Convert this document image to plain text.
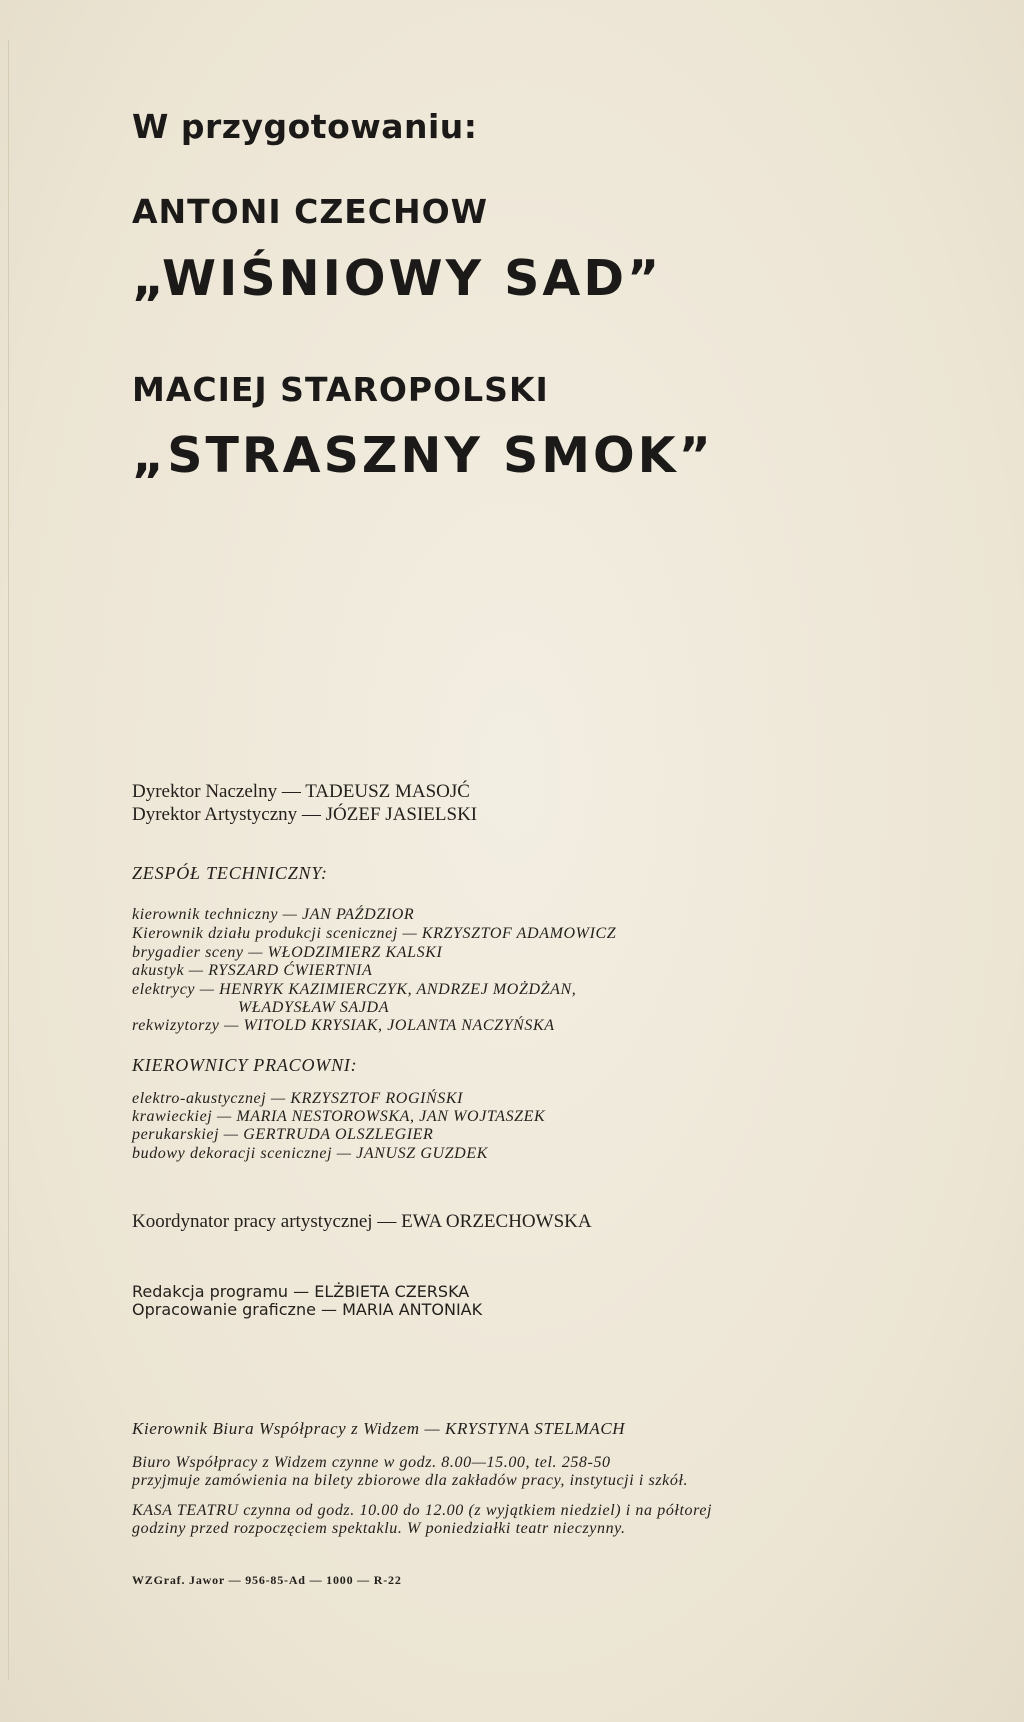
W przygotowaniu:

ANTONI CZECHOW

„WIŚNIOWY SAD”

MACIEJ STAROPOLSKI

„STRASZNY SMOK”

Dyrektor Naczelny — TADEUSZ MASOJĆ

Dyrektor Artystyczny — JÓZEF JASIELSKI

ZESPÓŁ TECHNICZNY:

kierownik techniczny — JAN PAŹDZIOR

Kierownik działu produkcji scenicznej — KRZYSZTOF ADAMOWICZ

brygadier sceny — WŁODZIMIERZ KALSKI

akustyk — RYSZARD ĆWIERTNIA

elektrycy — HENRYK KAZIMIERCZYK, ANDRZEJ MOŻDŻAN,

WŁADYSŁAW SAJDA

rekwizytorzy — WITOLD KRYSIAK, JOLANTA NACZYŃSKA

KIEROWNICY PRACOWNI:

elektro-akustycznej — KRZYSZTOF ROGIŃSKI

krawieckiej — MARIA NESTOROWSKA, JAN WOJTASZEK

perukarskiej — GERTRUDA OLSZLEGIER

budowy dekoracji scenicznej — JANUSZ GUZDEK

Koordynator pracy artystycznej — EWA ORZECHOWSKA

Redakcja programu — ELŻBIETA CZERSKA

Opracowanie graficzne — MARIA ANTONIAK

Kierownik Biura Współpracy z Widzem — KRYSTYNA STELMACH

Biuro Współpracy z Widzem czynne w godz. 8.00—15.00, tel. 258-50

przyjmuje zamówienia na bilety zbiorowe dla zakładów pracy, instytucji i szkół.

KASA TEATRU czynna od godz. 10.00 do 12.00 (z wyjątkiem niedziel) i na półtorej

godziny przed rozpoczęciem spektaklu. W poniedziałki teatr nieczynny.

WZGraf. Jawor — 956-85-Ad — 1000 — R-22
